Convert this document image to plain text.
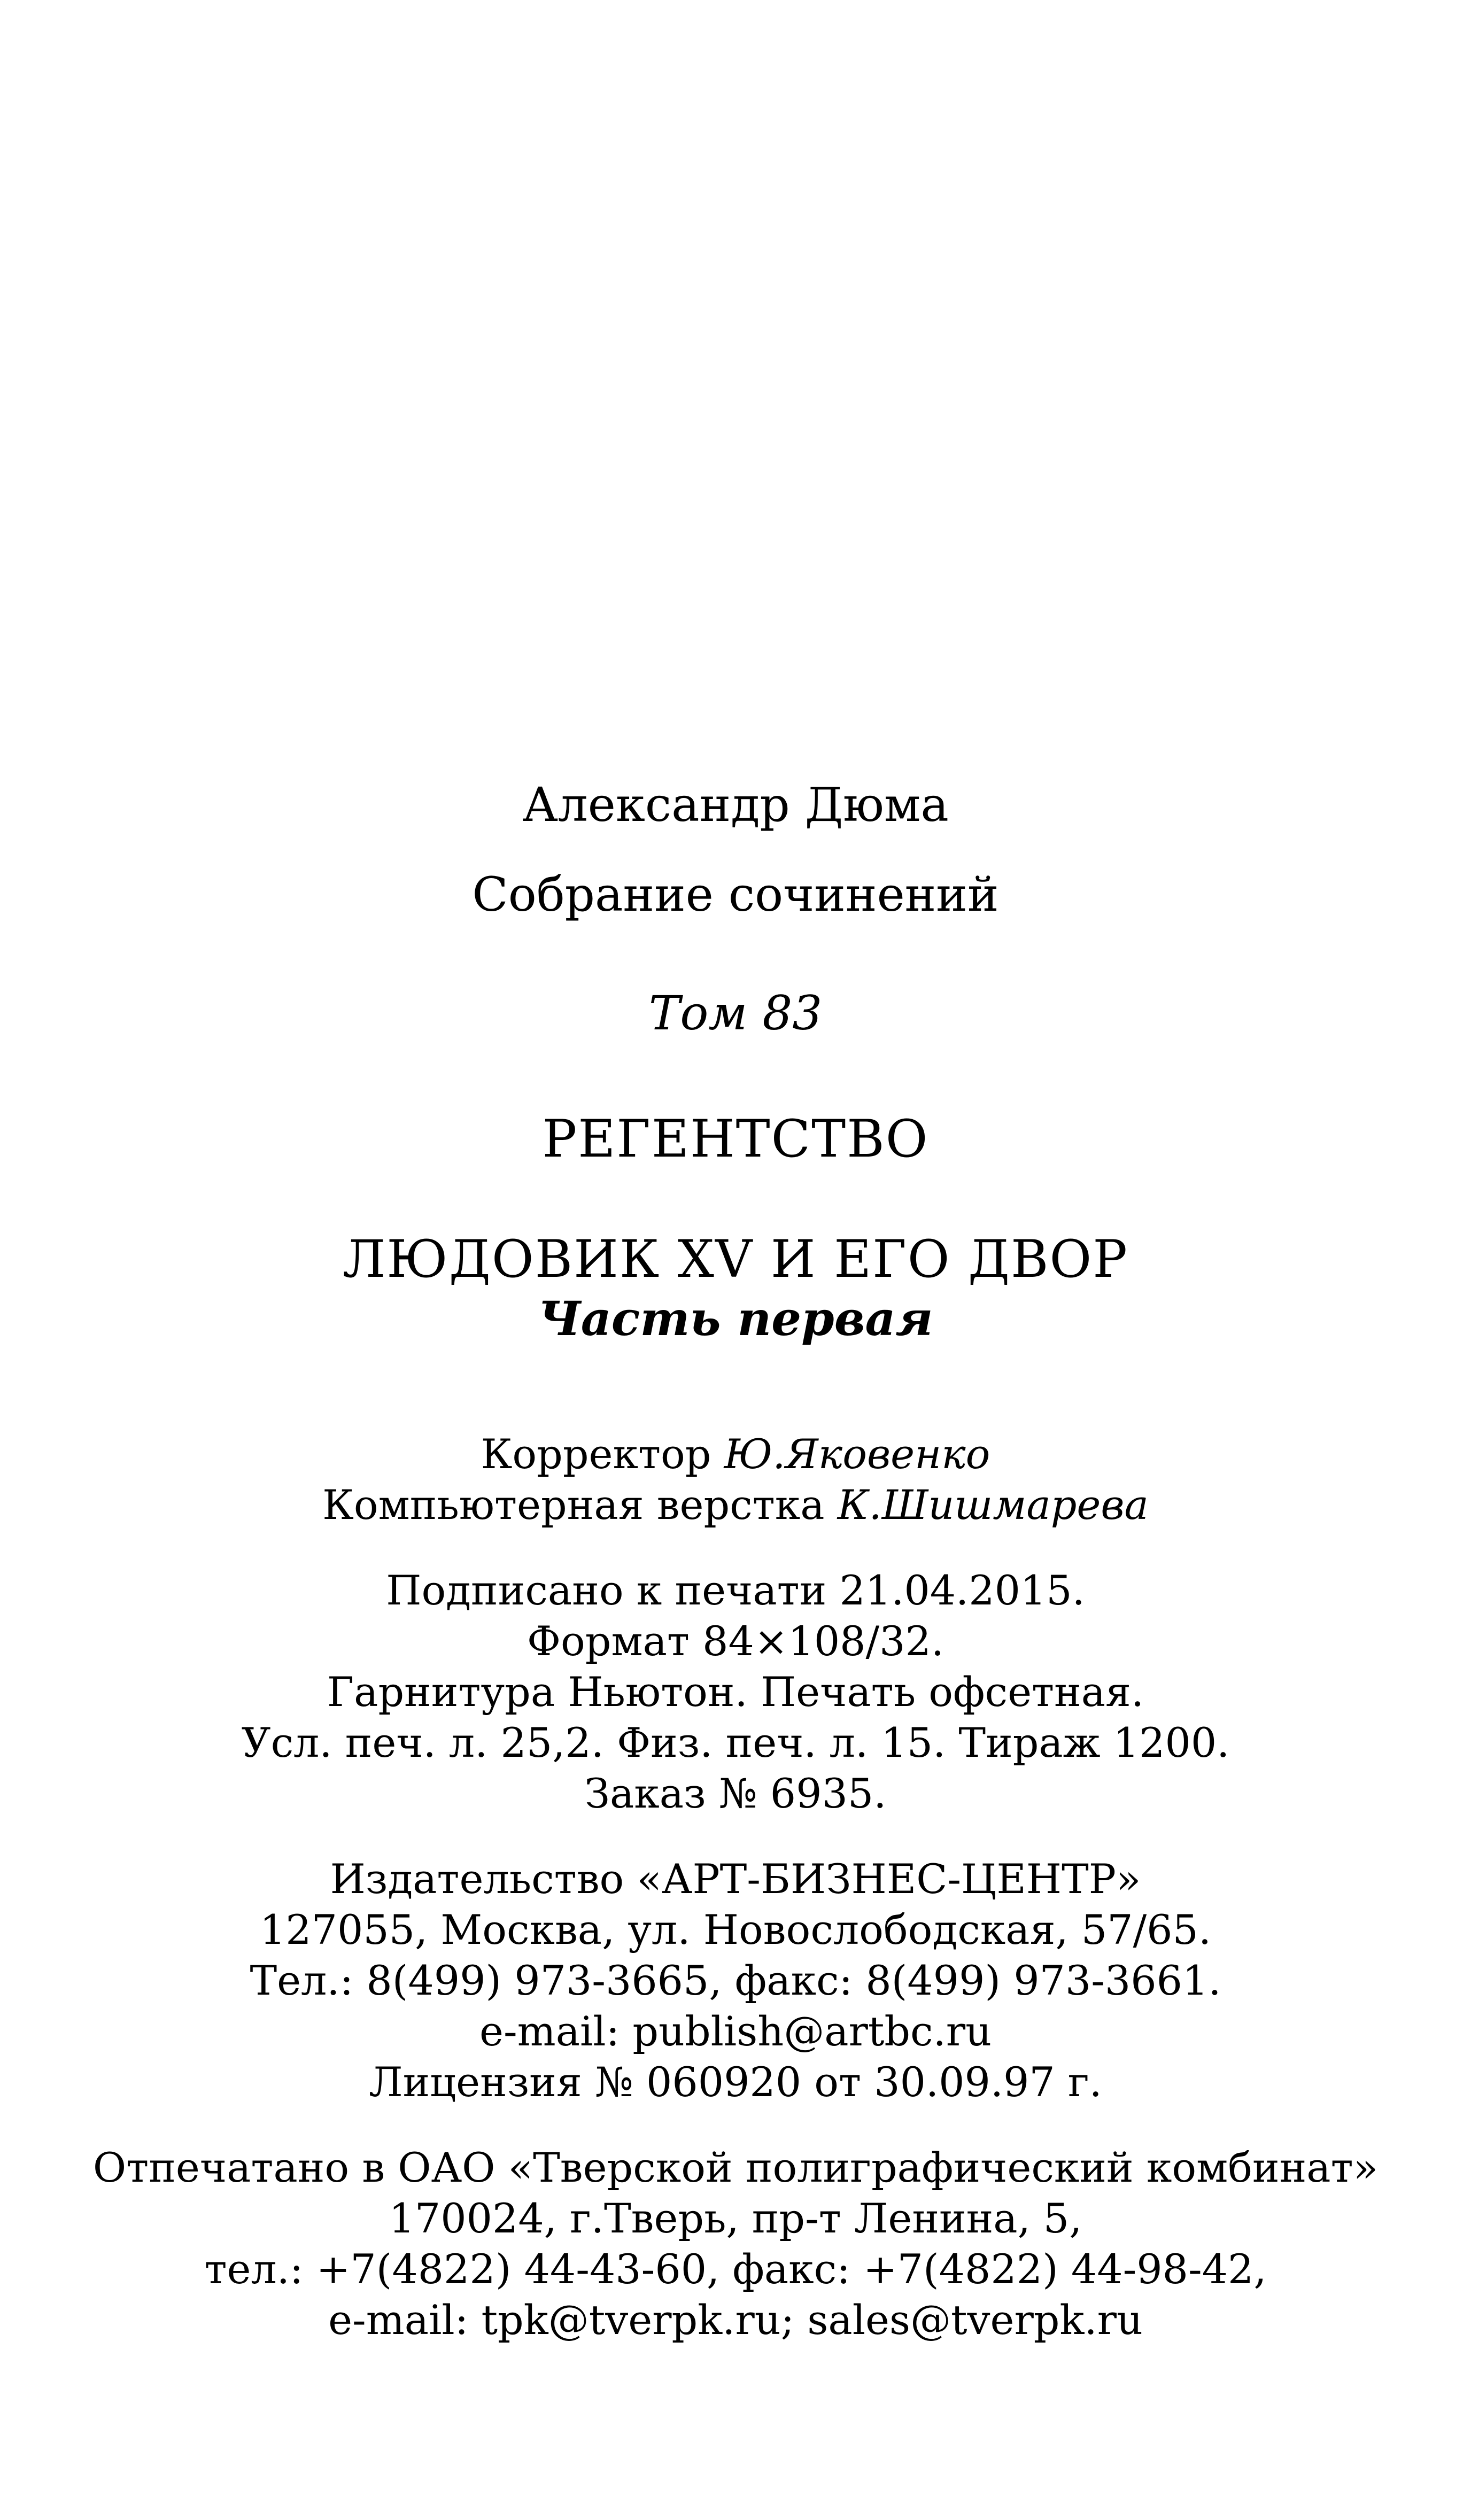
Александр Дюма
Собрание сочинений
Том 83
РЕГЕНТСТВО
ЛЮДОВИК XV И ЕГО ДВОР
Часть первая
Корректор Ю.Яковенко
Компьютерная верстка К.Шишмарева
Подписано к печати 21.04.2015.
Формат 84×108/32.
Гарнитура Ньютон. Печать офсетная.
Усл. печ. л. 25,2. Физ. печ. л. 15. Тираж 1200.
Заказ № 6935.
Издательство «АРТ-БИЗНЕС-ЦЕНТР»
127055, Москва, ул. Новослободская, 57/65.
Тел.: 8(499) 973-3665, факс: 8(499) 973-3661.
e-mail: publish@artbc.ru
Лицензия № 060920 от 30.09.97 г.
Отпечатано в ОАО «Тверской полиграфический комбинат»
170024, г.Тверь, пр-т Ленина, 5,
тел.: +7(4822) 44-43-60, факс: +7(4822) 44-98-42,
e-mail: tpk@tverpk.ru; sales@tverpk.ru
